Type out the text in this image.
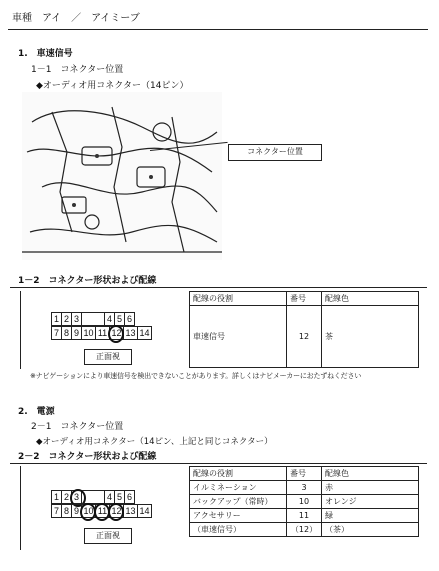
車種　アイ　／　アイミーブ
1.　車速信号
1－1　コネクター位置
◆オーディオ用コネクター（14ピン）
コネクター位置
1－2　コネクター形状および配線
1 2 3	4 5 6
7 8 9 10 11 12 13 14
正面視
配線の役割	番号	配線色
車速信号	12	茶
※ナビゲーションにより車速信号を検出できないことがあります。詳しくはナビメーカーにおたずねください
2.　電源
2－1　コネクター位置
◆オーディオ用コネクター（14ピン、上記と同じコネクター）
2－2　コネクター形状および配線
1 2 3	4 5 6
7 8 9 10 11 12 13 14
正面視
配線の役割	番号	配線色
イルミネーション	3	赤
バックアップ（常時）	10	オレンジ
アクセサリー	11	緑
（車速信号）	（12）	（茶）
